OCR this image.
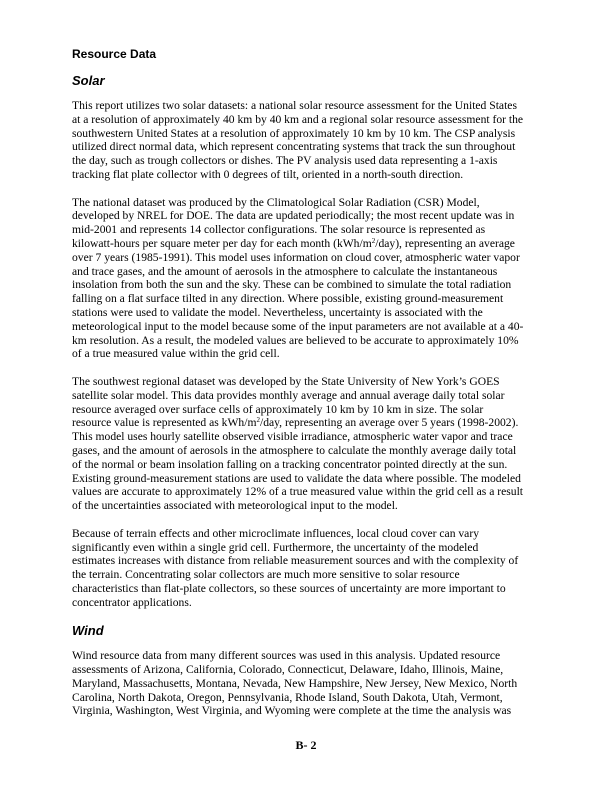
Resource Data
Solar
This report utilizes two solar datasets: a national solar resource assessment for the United States
at a resolution of approximately 40 km by 40 km and a regional solar resource assessment for the
southwestern United States at a resolution of approximately 10 km by 10 km. The CSP analysis
utilized direct normal data, which represent concentrating systems that track the sun throughout
the day, such as trough collectors or dishes. The PV analysis used data representing a 1-axis
tracking flat plate collector with 0 degrees of tilt, oriented in a north-south direction.
The national dataset was produced by the Climatological Solar Radiation (CSR) Model,
developed by NREL for DOE. The data are updated periodically; the most recent update was in
mid-2001 and represents 14 collector configurations. The solar resource is represented as
kilowatt-hours per square meter per day for each month $(kWh/m^2/day)$, representing an average
over 7 years (1985-1991). This model uses information on cloud cover, atmospheric water vapor
and trace gases, and the amount of aerosols in the atmosphere to calculate the instantaneous
insolation from both the sun and the sky. These can be combined to simulate the total radiation
falling on a flat surface tilted in any direction. Where possible, existing ground-measurement
stations were used to validate the model. Nevertheless, uncertainty is associated with the
meteorological input to the model because some of the input parameters are not available at a 40-
km resolution. As a result, the modeled values are believed to be accurate to approximately 10%
of a true measured value within the grid cell.
The southwest regional dataset was developed by the State University of New York’s GOES
satellite solar model. This data provides monthly average and annual average daily total solar
resource averaged over surface cells of approximately 10 km by 10 km in size. The solar
resource value is represented as kWh/$m^2$/day, representing an average over 5 years (1998-2002).
This model uses hourly satellite observed visible irradiance, atmospheric water vapor and trace
gases, and the amount of aerosols in the atmosphere to calculate the monthly average daily total
of the normal or beam insolation falling on a tracking concentrator pointed directly at the sun.
Existing ground-measurement stations are used to validate the data where possible. The modeled
values are accurate to approximately 12% of a true measured value within the grid cell as a result
of the uncertainties associated with meteorological input to the model.
Because of terrain effects and other microclimate influences, local cloud cover can vary
significantly even within a single grid cell. Furthermore, the uncertainty of the modeled
estimates increases with distance from reliable measurement sources and with the complexity of
the terrain. Concentrating solar collectors are much more sensitive to solar resource
characteristics than flat-plate collectors, so these sources of uncertainty are more important to
concentrator applications.
Wind
Wind resource data from many different sources was used in this analysis. Updated resource
assessments of Arizona, California, Colorado, Connecticut, Delaware, Idaho, Illinois, Maine,
Maryland, Massachusetts, Montana, Nevada, New Hampshire, New Jersey, New Mexico, North
Carolina, North Dakota, Oregon, Pennsylvania, Rhode Island, South Dakota, Utah, Vermont,
Virginia, Washington, West Virginia, and Wyoming were complete at the time the analysis was
B- 2
